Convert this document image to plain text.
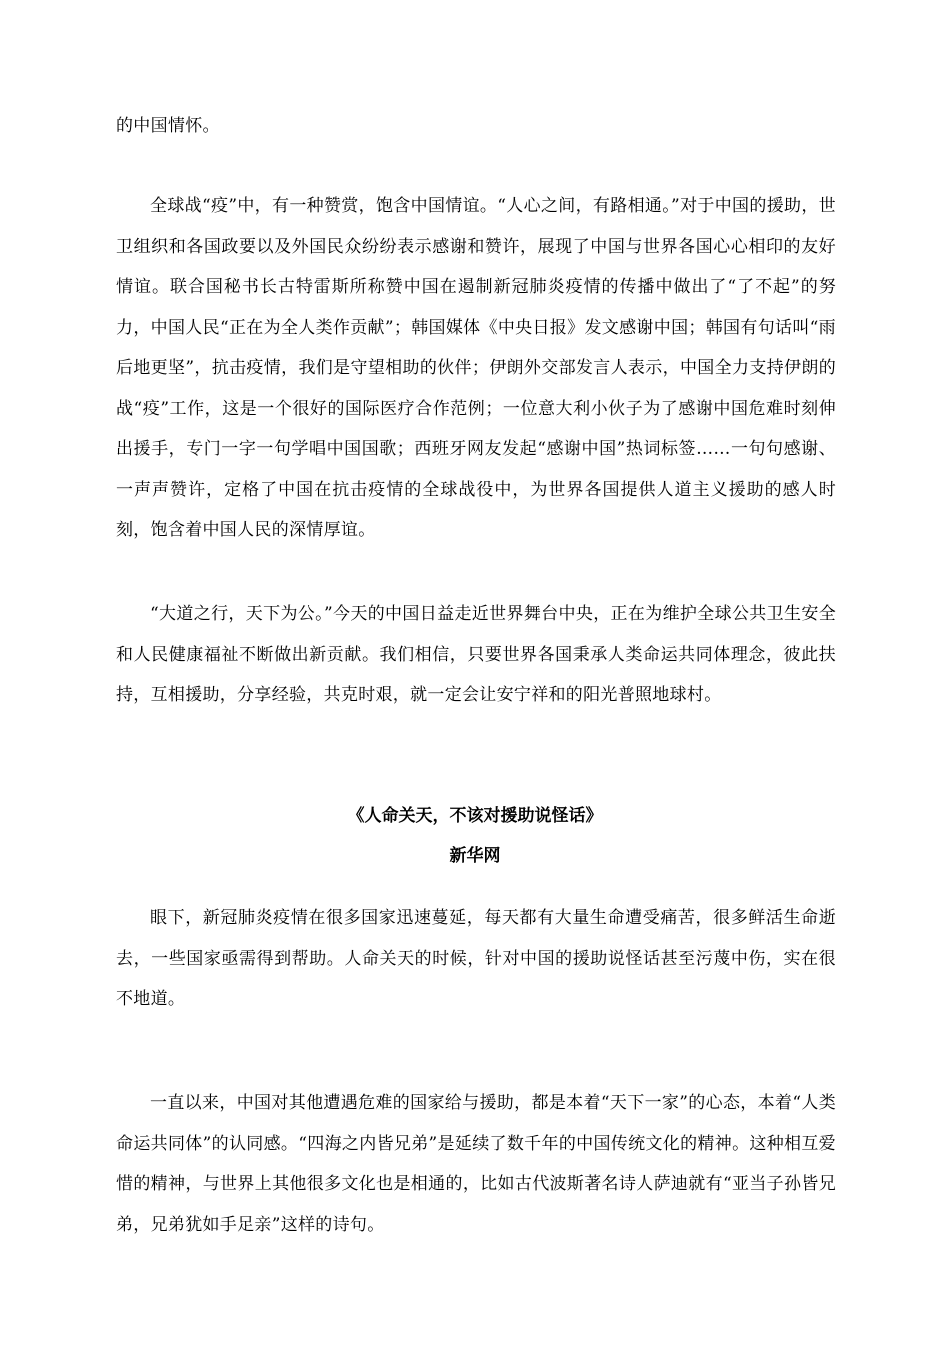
的中国情怀。

全球战“疫”中，有一种赞赏，饱含中国情谊。“人心之间，有路相通。”对于中国的援助，世卫组织和各国政要以及外国民众纷纷表示感谢和赞许，展现了中国与世界各国心心相印的友好情谊。联合国秘书长古特雷斯所称赞中国在遏制新冠肺炎疫情的传播中做出了“了不起”的努力，中国人民“正在为全人类作贡献”；韩国媒体《中央日报》发文感谢中国；韩国有句话叫“雨后地更坚”，抗击疫情，我们是守望相助的伙伴；伊朗外交部发言人表示，中国全力支持伊朗的战“疫”工作，这是一个很好的国际医疗合作范例；一位意大利小伙子为了感谢中国危难时刻伸出援手，专门一字一句学唱中国国歌；西班牙网友发起“感谢中国”热词标签……一句句感谢、一声声赞许，定格了中国在抗击疫情的全球战役中，为世界各国提供人道主义援助的感人时刻，饱含着中国人民的深情厚谊。

“大道之行，天下为公。”今天的中国日益走近世界舞台中央，正在为维护全球公共卫生安全和人民健康福祉不断做出新贡献。我们相信，只要世界各国秉承人类命运共同体理念，彼此扶持，互相援助，分享经验，共克时艰，就一定会让安宁祥和的阳光普照地球村。

《人命关天，不该对援助说怪话》
新华网

眼下，新冠肺炎疫情在很多国家迅速蔓延，每天都有大量生命遭受痛苦，很多鲜活生命逝去，一些国家亟需得到帮助。人命关天的时候，针对中国的援助说怪话甚至污蔑中伤，实在很不地道。

一直以来，中国对其他遭遇危难的国家给与援助，都是本着“天下一家”的心态，本着“人类命运共同体”的认同感。“四海之内皆兄弟”是延续了数千年的中国传统文化的精神。这种相互爱惜的精神，与世界上其他很多文化也是相通的，比如古代波斯著名诗人萨迪就有“亚当子孙皆兄弟，兄弟犹如手足亲”这样的诗句。
